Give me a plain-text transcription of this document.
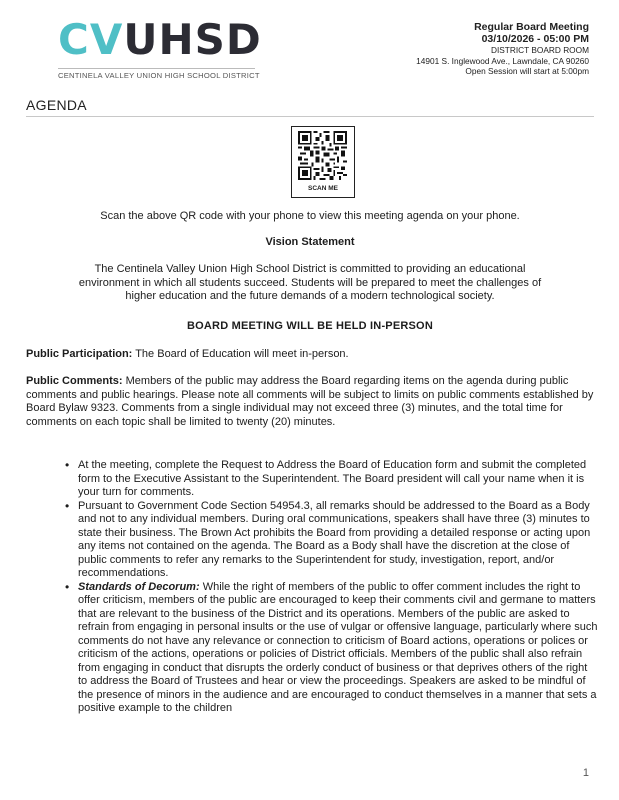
CV U HSD
CENTINELA VALLEY UNION HIGH SCHOOL DISTRICT
Regular Board Meeting
03/10/2026 - 05:00 PM
DISTRICT BOARD ROOM
14901 S. Inglewood Ave., Lawndale, CA 90260
Open Session will start at 5:00pm
AGENDA
SCAN ME
Scan the above QR code with your phone to view this meeting agenda on your phone.
Vision Statement
The Centinela Valley Union High School District is committed to providing an educational environment in which all students succeed. Students will be prepared to meet the challenges of higher education and the future demands of a modern technological society.
BOARD MEETING WILL BE HELD IN-PERSON
Public Participation: The Board of Education will meet in-person.
Public Comments: Members of the public may address the Board regarding items on the agenda during public comments and public hearings. Please note all comments will be subject to limits on public comments established by Board Bylaw 9323. Comments from a single individual may not exceed three (3) minutes, and the total time for comments on each topic shall be limited to twenty (20) minutes.
• At the meeting, complete the Request to Address the Board of Education form and submit the completed form to the Executive Assistant to the Superintendent. The Board president will call your name when it is your turn for comments.
• Pursuant to Government Code Section 54954.3, all remarks should be addressed to the Board as a Body and not to any individual members. During oral communications, speakers shall have three (3) minutes to state their business. The Brown Act prohibits the Board from providing a detailed response or acting upon any items not contained on the agenda. The Board as a Body shall have the discretion at the close of public comments to refer any remarks to the Superintendent for study, investigation, report, and/or recommendations.
• Standards of Decorum: While the right of members of the public to offer comment includes the right to offer criticism, members of the public are encouraged to keep their comments civil and germane to matters that are relevant to the business of the District and its operations. Members of the public are asked to refrain from engaging in personal insults or the use of vulgar or offensive language, particularly where such comments do not have any relevance or connection to criticism of Board actions, operations or polices or criticism of the actions, operations or policies of District officials. Members of the public shall also refrain from engaging in conduct that disrupts the orderly conduct of business or that deprives others of the right to address the Board of Trustees and hear or view the proceedings. Speakers are asked to be mindful of the presence of minors in the audience and are encouraged to conduct themselves in a manner that sets a positive example to the children
1
